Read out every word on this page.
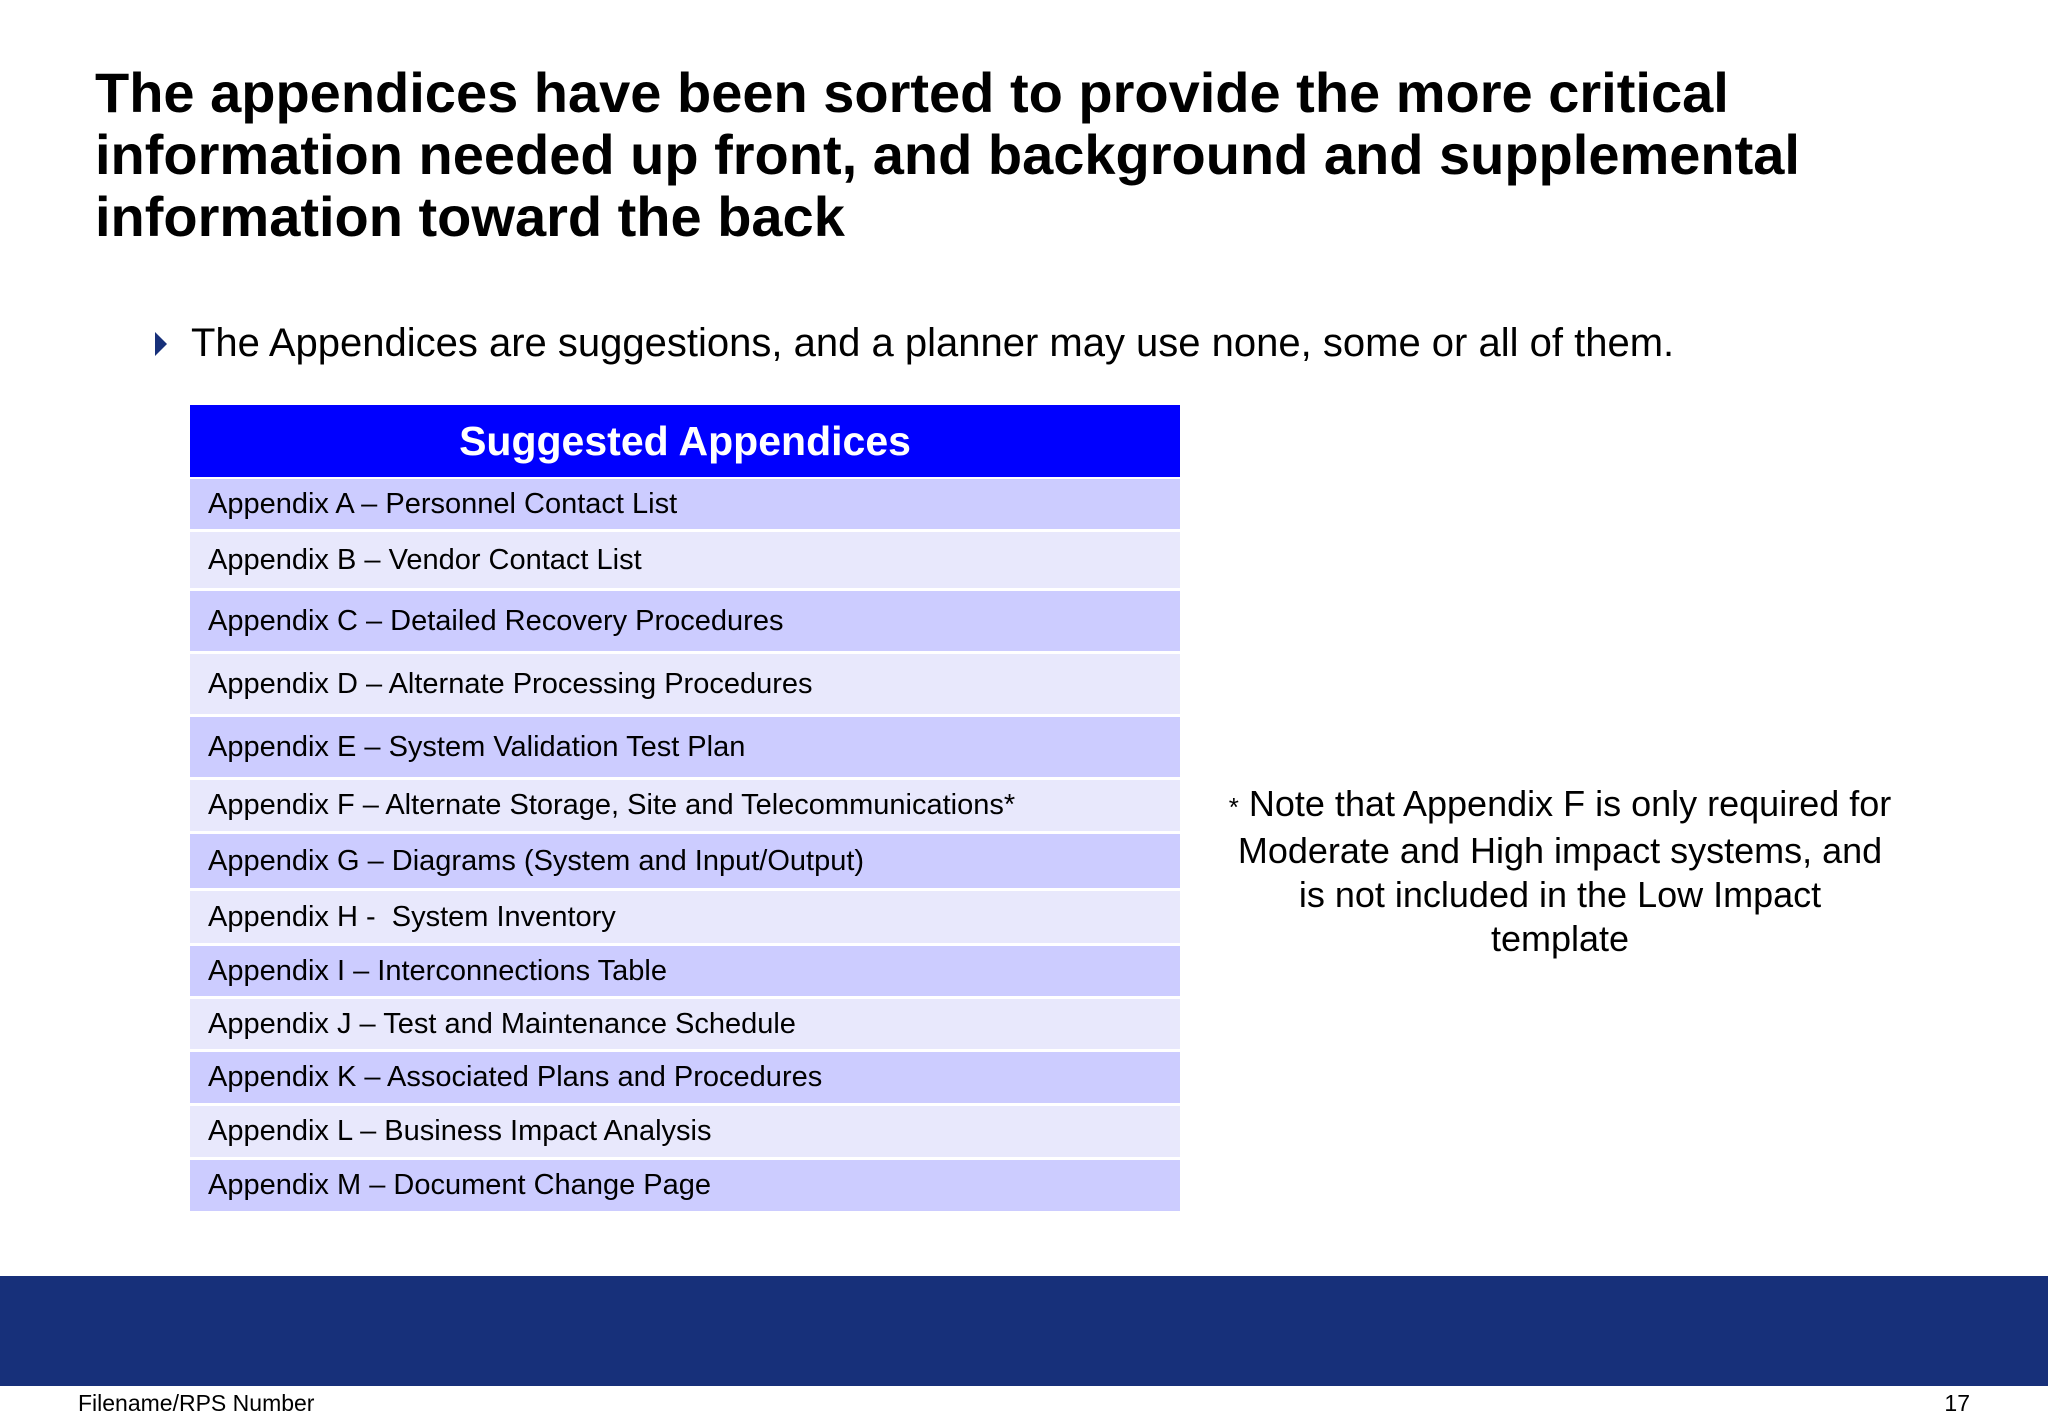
The appendices have been sorted to provide the more critical information needed up front, and background and supplemental information toward the back
The Appendices are suggestions, and a planner may use none, some or all of them.
Suggested Appendices
Appendix A – Personnel Contact List
Appendix B – Vendor Contact List
Appendix C – Detailed Recovery Procedures
Appendix D – Alternate Processing Procedures
Appendix E – System Validation Test Plan
Appendix F – Alternate Storage, Site and Telecommunications*
Appendix G – Diagrams (System and Input/Output)
Appendix H -  System Inventory
Appendix I – Interconnections Table
Appendix J – Test and Maintenance Schedule
Appendix K – Associated Plans and Procedures
Appendix L – Business Impact Analysis
Appendix M – Document Change Page
* Note that Appendix F is only required for Moderate and High impact systems, and is not included in the Low Impact template
Filename/RPS Number	17
